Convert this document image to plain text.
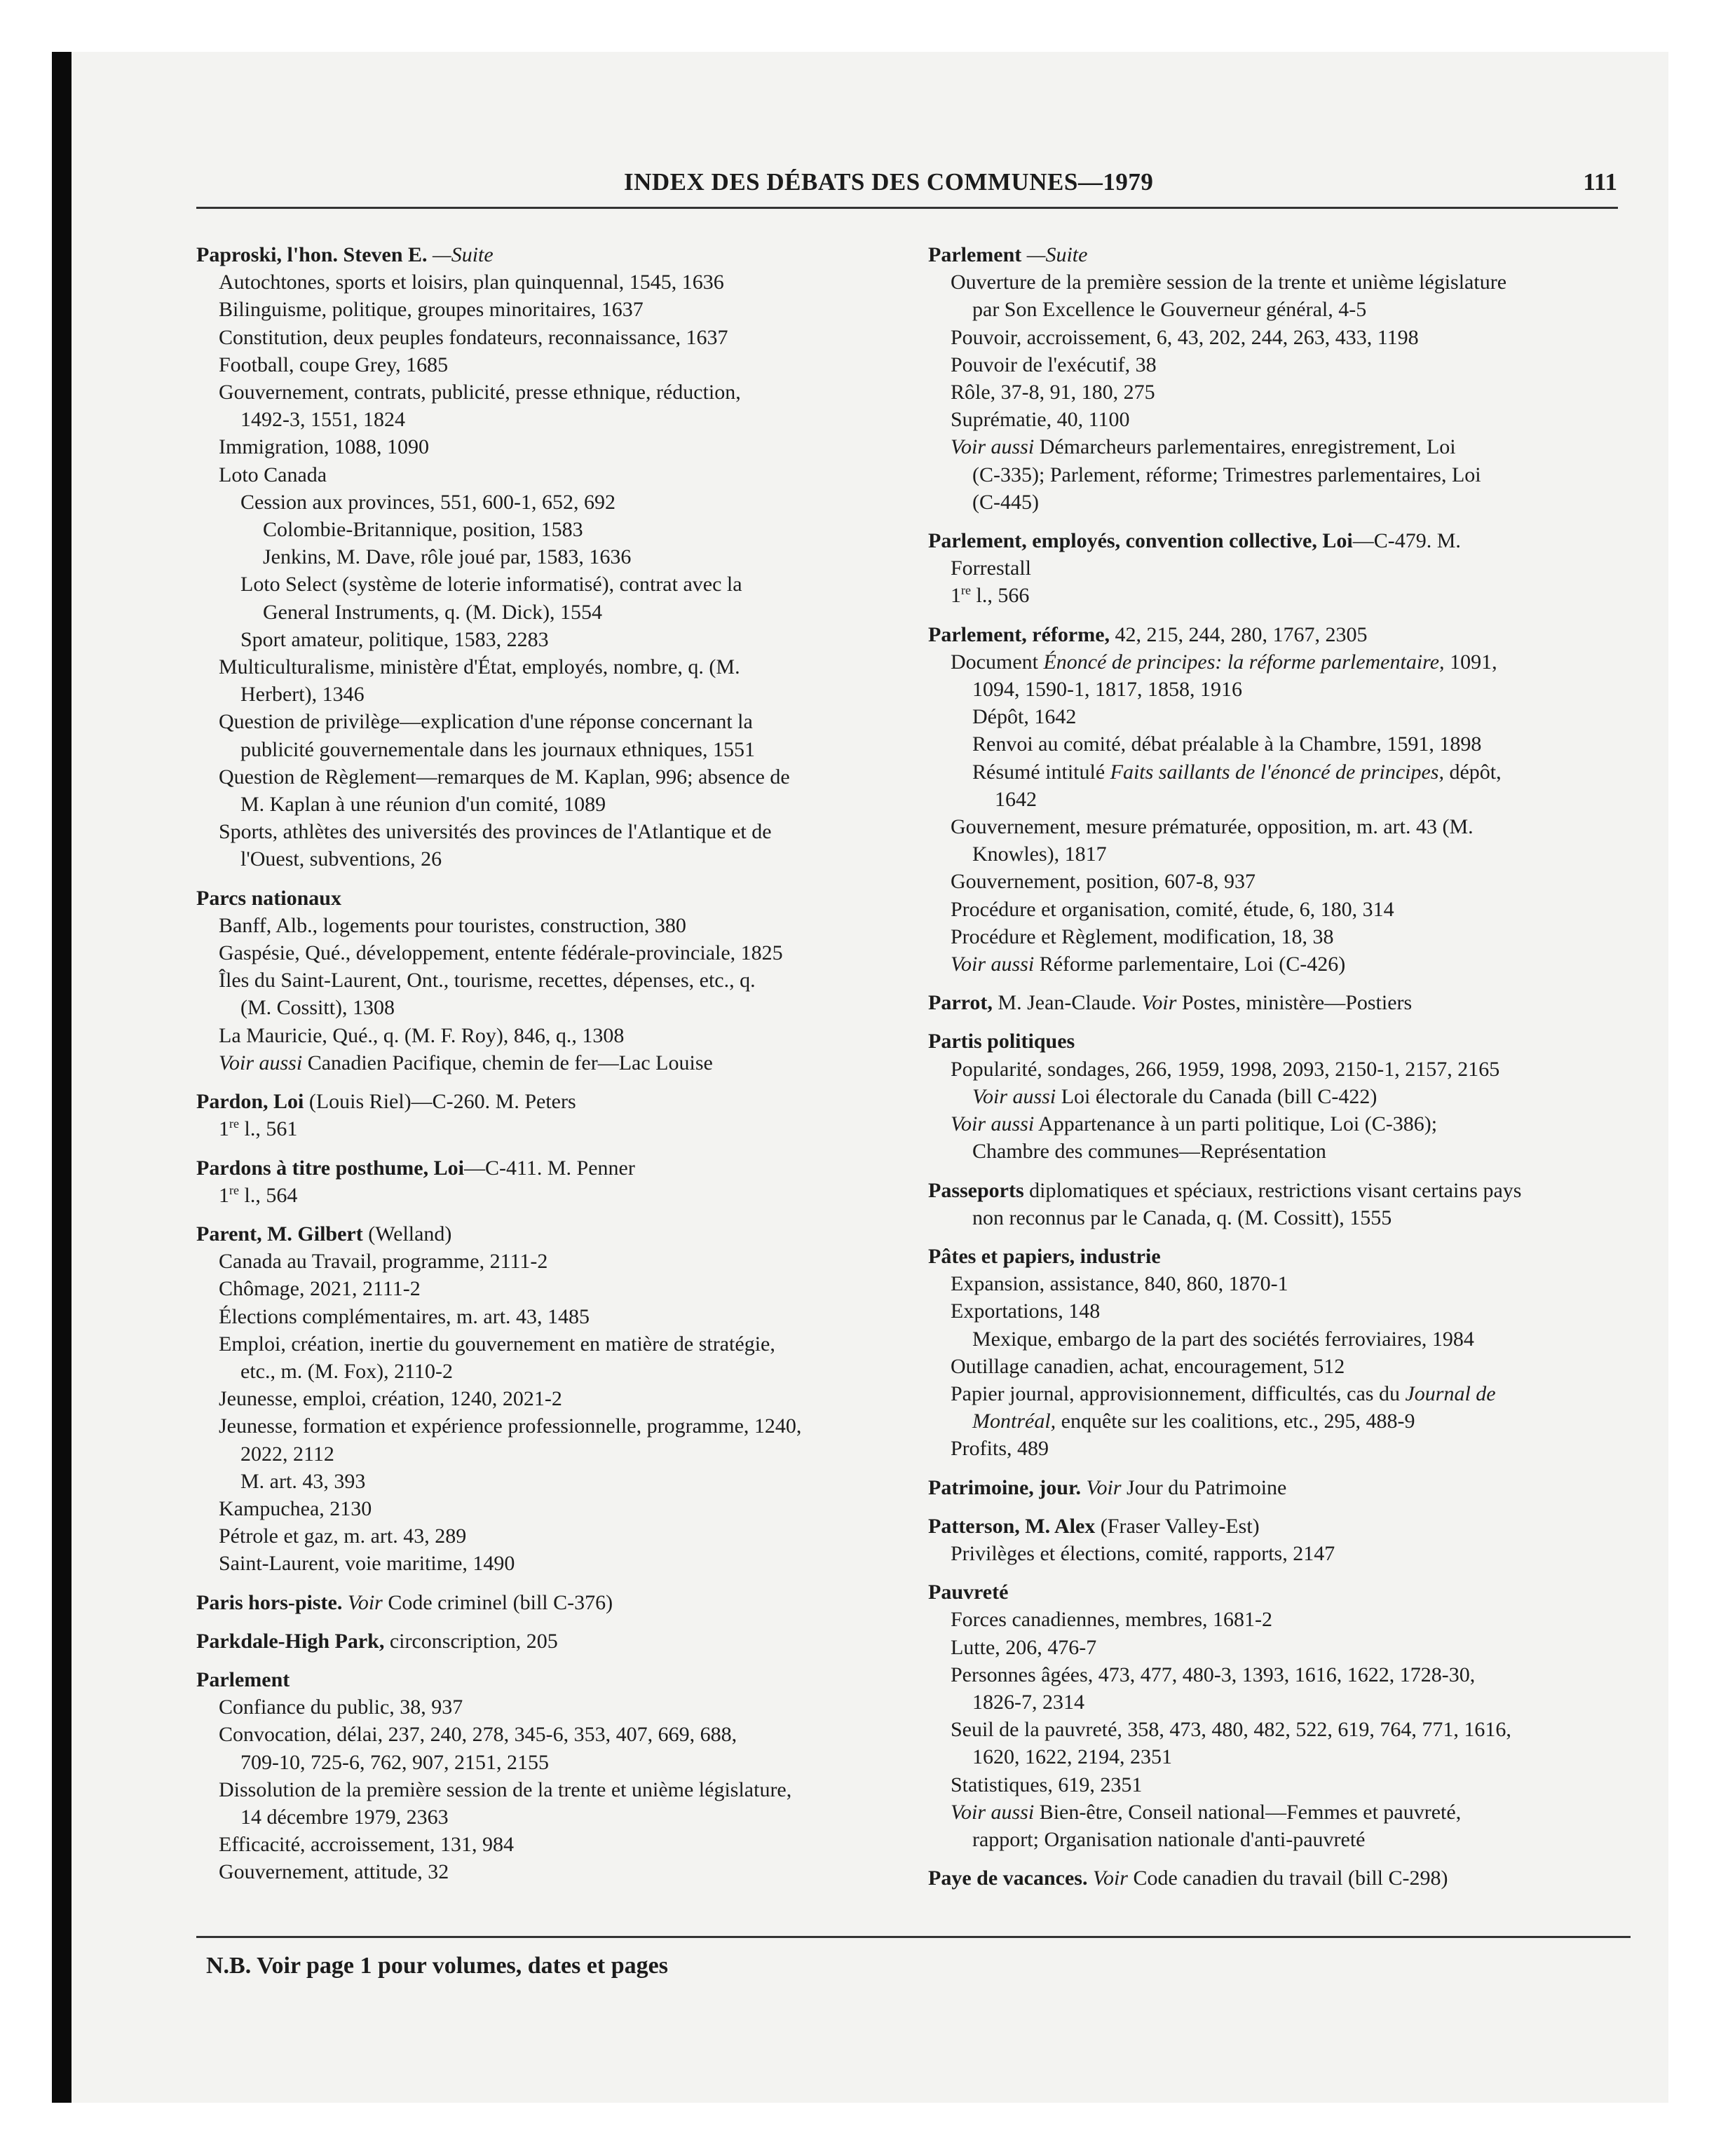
INDEX DES DÉBATS DES COMMUNES—1979	111
Paproski, l'hon. Steven E. —Suite
Autochtones, sports et loisirs, plan quinquennal, 1545, 1636
Bilinguisme, politique, groupes minoritaires, 1637
Constitution, deux peuples fondateurs, reconnaissance, 1637
Football, coupe Grey, 1685
Gouvernement, contrats, publicité, presse ethnique, réduction,
1492-3, 1551, 1824
Immigration, 1088, 1090
Loto Canada
Cession aux provinces, 551, 600-1, 652, 692
Colombie-Britannique, position, 1583
Jenkins, M. Dave, rôle joué par, 1583, 1636
Loto Select (système de loterie informatisé), contrat avec la
General Instruments, q. (M. Dick), 1554
Sport amateur, politique, 1583, 2283
Multiculturalisme, ministère d'État, employés, nombre, q. (M.
Herbert), 1346
Question de privilège—explication d'une réponse concernant la
publicité gouvernementale dans les journaux ethniques, 1551
Question de Règlement—remarques de M. Kaplan, 996; absence de
M. Kaplan à une réunion d'un comité, 1089
Sports, athlètes des universités des provinces de l'Atlantique et de
l'Ouest, subventions, 26
Parcs nationaux
Banff, Alb., logements pour touristes, construction, 380
Gaspésie, Qué., développement, entente fédérale-provinciale, 1825
Îles du Saint-Laurent, Ont., tourisme, recettes, dépenses, etc., q.
(M. Cossitt), 1308
La Mauricie, Qué., q. (M. F. Roy), 846, q., 1308
Voir aussi Canadien Pacifique, chemin de fer—Lac Louise
Pardon, Loi (Louis Riel)—C-260. M. Peters
1re l., 561
Pardons à titre posthume, Loi—C-411. M. Penner
1re l., 564
Parent, M. Gilbert (Welland)
Canada au Travail, programme, 2111-2
Chômage, 2021, 2111-2
Élections complémentaires, m. art. 43, 1485
Emploi, création, inertie du gouvernement en matière de stratégie,
etc., m. (M. Fox), 2110-2
Jeunesse, emploi, création, 1240, 2021-2
Jeunesse, formation et expérience professionnelle, programme, 1240,
2022, 2112
M. art. 43, 393
Kampuchea, 2130
Pétrole et gaz, m. art. 43, 289
Saint-Laurent, voie maritime, 1490
Paris hors-piste. Voir Code criminel (bill C-376)
Parkdale-High Park, circonscription, 205
Parlement
Confiance du public, 38, 937
Convocation, délai, 237, 240, 278, 345-6, 353, 407, 669, 688,
709-10, 725-6, 762, 907, 2151, 2155
Dissolution de la première session de la trente et unième législature,
14 décembre 1979, 2363
Efficacité, accroissement, 131, 984
Gouvernement, attitude, 32
Parlement —Suite
Ouverture de la première session de la trente et unième législature
par Son Excellence le Gouverneur général, 4-5
Pouvoir, accroissement, 6, 43, 202, 244, 263, 433, 1198
Pouvoir de l'exécutif, 38
Rôle, 37-8, 91, 180, 275
Suprématie, 40, 1100
Voir aussi Démarcheurs parlementaires, enregistrement, Loi
(C-335); Parlement, réforme; Trimestres parlementaires, Loi
(C-445)
Parlement, employés, convention collective, Loi—C-479. M.
Forrestall
1re l., 566
Parlement, réforme, 42, 215, 244, 280, 1767, 2305
Document Énoncé de principes: la réforme parlementaire, 1091,
1094, 1590-1, 1817, 1858, 1916
Dépôt, 1642
Renvoi au comité, débat préalable à la Chambre, 1591, 1898
Résumé intitulé Faits saillants de l'énoncé de principes, dépôt,
1642
Gouvernement, mesure prématurée, opposition, m. art. 43 (M.
Knowles), 1817
Gouvernement, position, 607-8, 937
Procédure et organisation, comité, étude, 6, 180, 314
Procédure et Règlement, modification, 18, 38
Voir aussi Réforme parlementaire, Loi (C-426)
Parrot, M. Jean-Claude. Voir Postes, ministère—Postiers
Partis politiques
Popularité, sondages, 266, 1959, 1998, 2093, 2150-1, 2157, 2165
Voir aussi Loi électorale du Canada (bill C-422)
Voir aussi Appartenance à un parti politique, Loi (C-386);
Chambre des communes—Représentation
Passeports diplomatiques et spéciaux, restrictions visant certains pays
non reconnus par le Canada, q. (M. Cossitt), 1555
Pâtes et papiers, industrie
Expansion, assistance, 840, 860, 1870-1
Exportations, 148
Mexique, embargo de la part des sociétés ferroviaires, 1984
Outillage canadien, achat, encouragement, 512
Papier journal, approvisionnement, difficultés, cas du Journal de
Montréal, enquête sur les coalitions, etc., 295, 488-9
Profits, 489
Patrimoine, jour. Voir Jour du Patrimoine
Patterson, M. Alex (Fraser Valley-Est)
Privilèges et élections, comité, rapports, 2147
Pauvreté
Forces canadiennes, membres, 1681-2
Lutte, 206, 476-7
Personnes âgées, 473, 477, 480-3, 1393, 1616, 1622, 1728-30,
1826-7, 2314
Seuil de la pauvreté, 358, 473, 480, 482, 522, 619, 764, 771, 1616,
1620, 1622, 2194, 2351
Statistiques, 619, 2351
Voir aussi Bien-être, Conseil national—Femmes et pauvreté,
rapport; Organisation nationale d'anti-pauvreté
Paye de vacances. Voir Code canadien du travail (bill C-298)
N.B. Voir page 1 pour volumes, dates et pages
